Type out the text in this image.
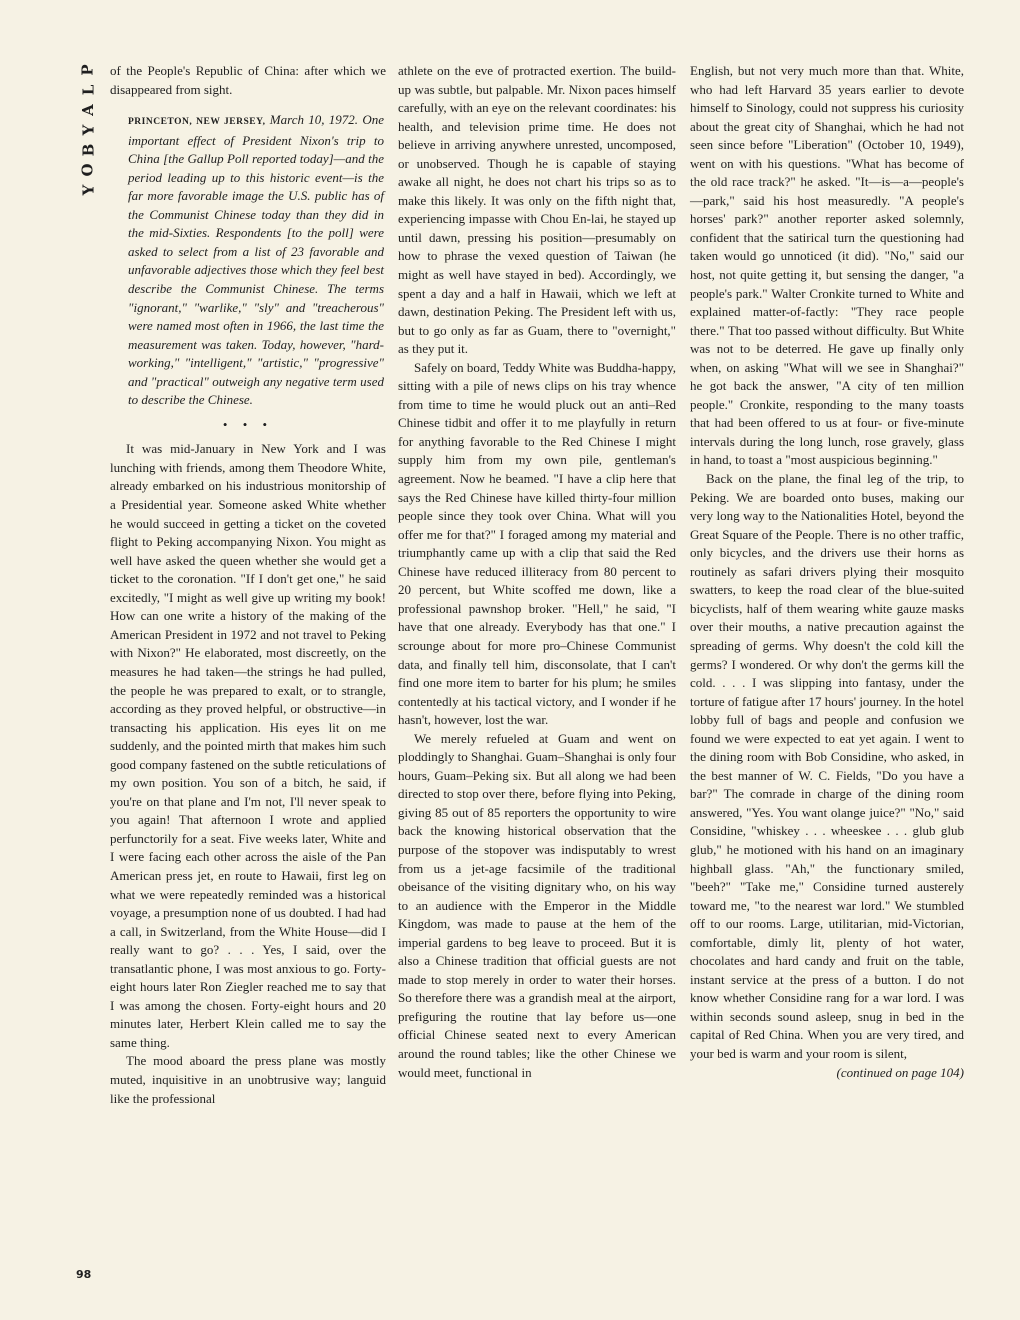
P
L
A
Y
B
O
Y
98

of the People's Republic of China: after which we disappeared from sight.

PRINCETON, NEW JERSEY, March 10, 1972. One important effect of President Nixon's trip to China [the Gallup Poll reported today]—and the period leading up to this historic event—is the far more favorable image the U.S. public has of the Communist Chinese today than they did in the mid-Sixties. Respondents [to the poll] were asked to select from a list of 23 favorable and unfavorable adjectives those which they feel best describe the Communist Chinese. The terms "ignorant," "warlike," "sly" and "treacherous" were named most often in 1966, the last time the measurement was taken. Today, however, "hard-working," "intelligent," "artistic," "progressive" and "practical" outweigh any negative term used to describe the Chinese.

• • •

It was mid-January in New York and I was lunching with friends, among them Theodore White, already embarked on his industrious monitorship of a Presidential year. Someone asked White whether he would succeed in getting a ticket on the coveted flight to Peking accompanying Nixon. You might as well have asked the queen whether she would get a ticket to the coronation. "If I don't get one," he said excitedly, "I might as well give up writing my book! How can one write a history of the making of the American President in 1972 and not travel to Peking with Nixon?" He elaborated, most discreetly, on the measures he had taken—the strings he had pulled, the people he was prepared to exalt, or to strangle, according as they proved helpful, or obstructive—in transacting his application. His eyes lit on me suddenly, and the pointed mirth that makes him such good company fastened on the subtle reticulations of my own position. You son of a bitch, he said, if you're on that plane and I'm not, I'll never speak to you again! That afternoon I wrote and applied perfunctorily for a seat. Five weeks later, White and I were facing each other across the aisle of the Pan American press jet, en route to Hawaii, first leg on what we were repeatedly reminded was a historical voyage, a presumption none of us doubted. I had had a call, in Switzerland, from the White House—did I really want to go? . . . Yes, I said, over the transatlantic phone, I was most anxious to go. Forty-eight hours later Ron Ziegler reached me to say that I was among the chosen. Forty-eight hours and 20 minutes later, Herbert Klein called me to say the same thing.

The mood aboard the press plane was mostly muted, inquisitive in an unobtrusive way; languid like the professional

athlete on the eve of protracted exertion. The build-up was subtle, but palpable. Mr. Nixon paces himself carefully, with an eye on the relevant coordinates: his health, and television prime time. He does not believe in arriving anywhere unrested, uncomposed, or unobserved. Though he is capable of staying awake all night, he does not chart his trips so as to make this likely. It was only on the fifth night that, experiencing impasse with Chou En-lai, he stayed up until dawn, pressing his position—presumably on how to phrase the vexed question of Taiwan (he might as well have stayed in bed). Accordingly, we spent a day and a half in Hawaii, which we left at dawn, destination Peking. The President left with us, but to go only as far as Guam, there to "overnight," as they put it.

Safely on board, Teddy White was Buddha-happy, sitting with a pile of news clips on his tray whence from time to time he would pluck out an anti–Red Chinese tidbit and offer it to me playfully in return for anything favorable to the Red Chinese I might supply him from my own pile, gentleman's agreement. Now he beamed. "I have a clip here that says the Red Chinese have killed thirty-four million people since they took over China. What will you offer me for that?" I foraged among my material and triumphantly came up with a clip that said the Red Chinese have reduced illiteracy from 80 percent to 20 percent, but White scoffed me down, like a professional pawnshop broker. "Hell," he said, "I have that one already. Everybody has that one." I scrounge about for more pro–Chinese Communist data, and finally tell him, disconsolate, that I can't find one more item to barter for his plum; he smiles contentedly at his tactical victory, and I wonder if he hasn't, however, lost the war.

We merely refueled at Guam and went on ploddingly to Shanghai. Guam–Shanghai is only four hours, Guam–Peking six. But all along we had been directed to stop over there, before flying into Peking, giving 85 out of 85 reporters the opportunity to wire back the knowing historical observation that the purpose of the stopover was indisputably to wrest from us a jet-age facsimile of the traditional obeisance of the visiting dignitary who, on his way to an audience with the Emperor in the Middle Kingdom, was made to pause at the hem of the imperial gardens to beg leave to proceed. But it is also a Chinese tradition that official guests are not made to stop merely in order to water their horses. So therefore there was a grandish meal at the airport, prefiguring the routine that lay before us—one official Chinese seated next to every American around the round tables; like the other Chinese we would meet, functional in

English, but not very much more than that. White, who had left Harvard 35 years earlier to devote himself to Sinology, could not suppress his curiosity about the great city of Shanghai, which he had not seen since before "Liberation" (October 10, 1949), went on with his questions. "What has become of the old race track?" he asked. "It—is—a—people's—park," said his host measuredly. "A people's horses' park?" another reporter asked solemnly, confident that the satirical turn the questioning had taken would go unnoticed (it did). "No," said our host, not quite getting it, but sensing the danger, "a people's park." Walter Cronkite turned to White and explained matter-of-factly: "They race people there." That too passed without difficulty. But White was not to be deterred. He gave up finally only when, on asking "What will we see in Shanghai?" he got back the answer, "A city of ten million people." Cronkite, responding to the many toasts that had been offered to us at four- or five-minute intervals during the long lunch, rose gravely, glass in hand, to toast a "most auspicious beginning."

Back on the plane, the final leg of the trip, to Peking. We are boarded onto buses, making our very long way to the Nationalities Hotel, beyond the Great Square of the People. There is no other traffic, only bicycles, and the drivers use their horns as routinely as safari drivers plying their mosquito swatters, to keep the road clear of the blue-suited bicyclists, half of them wearing white gauze masks over their mouths, a native precaution against the spreading of germs. Why doesn't the cold kill the germs? I wondered. Or why don't the germs kill the cold. . . . I was slipping into fantasy, under the torture of fatigue after 17 hours' journey. In the hotel lobby full of bags and people and confusion we found we were expected to eat yet again. I went to the dining room with Bob Considine, who asked, in the best manner of W. C. Fields, "Do you have a bar?" The comrade in charge of the dining room answered, "Yes. You want olange juice?" "No," said Considine, "whiskey . . . wheeskee . . . glub glub glub," he motioned with his hand on an imaginary highball glass. "Ah," the functionary smiled, "beeh?" "Take me," Considine turned austerely toward me, "to the nearest war lord." We stumbled off to our rooms. Large, utilitarian, mid-Victorian, comfortable, dimly lit, plenty of hot water, chocolates and hard candy and fruit on the table, instant service at the press of a button. I do not know whether Considine rang for a war lord. I was within seconds sound asleep, snug in bed in the capital of Red China. When you are very tired, and your bed is warm and your room is silent,

(continued on page 104)
